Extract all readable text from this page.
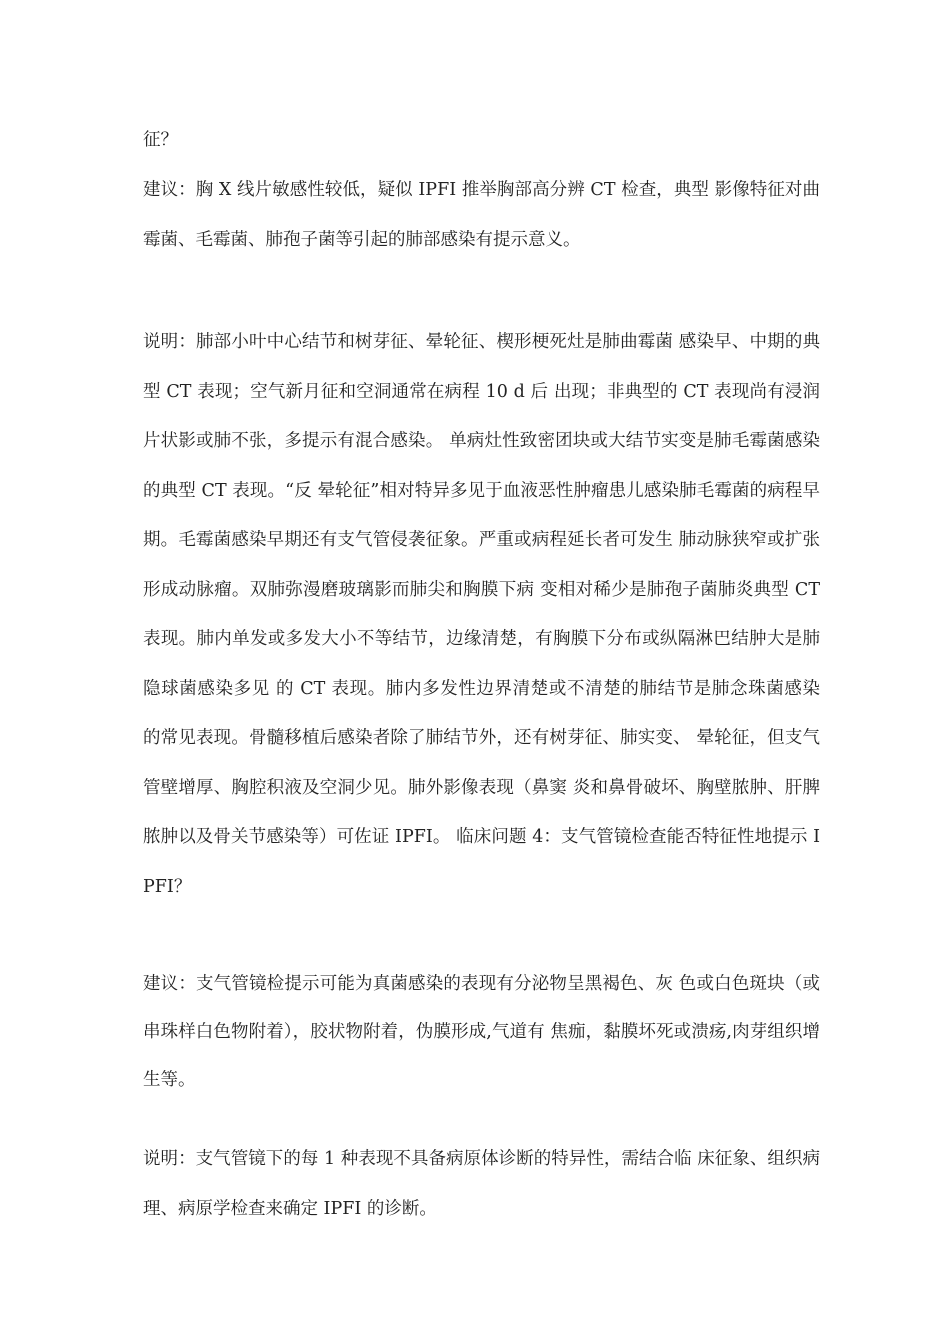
征？

建议：胸 X 线片敏感性较低，疑似 IPFI 推举胸部高分辨 CT 检查，典型 影像特征对曲霉菌、毛霉菌、肺孢子菌等引起的肺部感染有提示意义。

说明：肺部小叶中心结节和树芽征、晕轮征、楔形梗死灶是肺曲霉菌 感染早、中期的典型 CT 表现；空气新月征和空洞通常在病程 10 d 后 出现；非典型的 CT 表现尚有浸润片状影或肺不张，多提示有混合感染。 单病灶性致密团块或大结节实变是肺毛霉菌感染的典型 CT 表现。“反 晕轮征”相对特异多见于血液恶性肿瘤患儿感染肺毛霉菌的病程早 期。毛霉菌感染早期还有支气管侵袭征象。严重或病程延长者可发生 肺动脉狭窄或扩张形成动脉瘤。双肺弥漫磨玻璃影而肺尖和胸膜下病 变相对稀少是肺孢子菌肺炎典型 CT 表现。肺内单发或多发大小不等结节，边缘清楚，有胸膜下分布或纵隔淋巴结肿大是肺隐球菌感染多见 的 CT 表现。肺内多发性边界清楚或不清楚的肺结节是肺念珠菌感染 的常见表现。骨髓移植后感染者除了肺结节外，还有树芽征、肺实变、 晕轮征，但支气管壁增厚、胸腔积液及空洞少见。肺外影像表现（鼻窦 炎和鼻骨破坏、胸壁脓肿、肝脾脓肿以及骨关节感染等）可佐证 IPFI。 临床问题 4：支气管镜检查能否特征性地提示 IPFI？

建议：支气管镜检提示可能为真菌感染的表现有分泌物呈黑褐色、灰 色或白色斑块（或串珠样白色物附着），胶状物附着，伪膜形成,气道有 焦痂，黏膜坏死或溃疡,肉芽组织增生等。

说明：支气管镜下的每 1 种表现不具备病原体诊断的特异性，需结合临 床征象、组织病理、病原学检查来确定 IPFI 的诊断。
